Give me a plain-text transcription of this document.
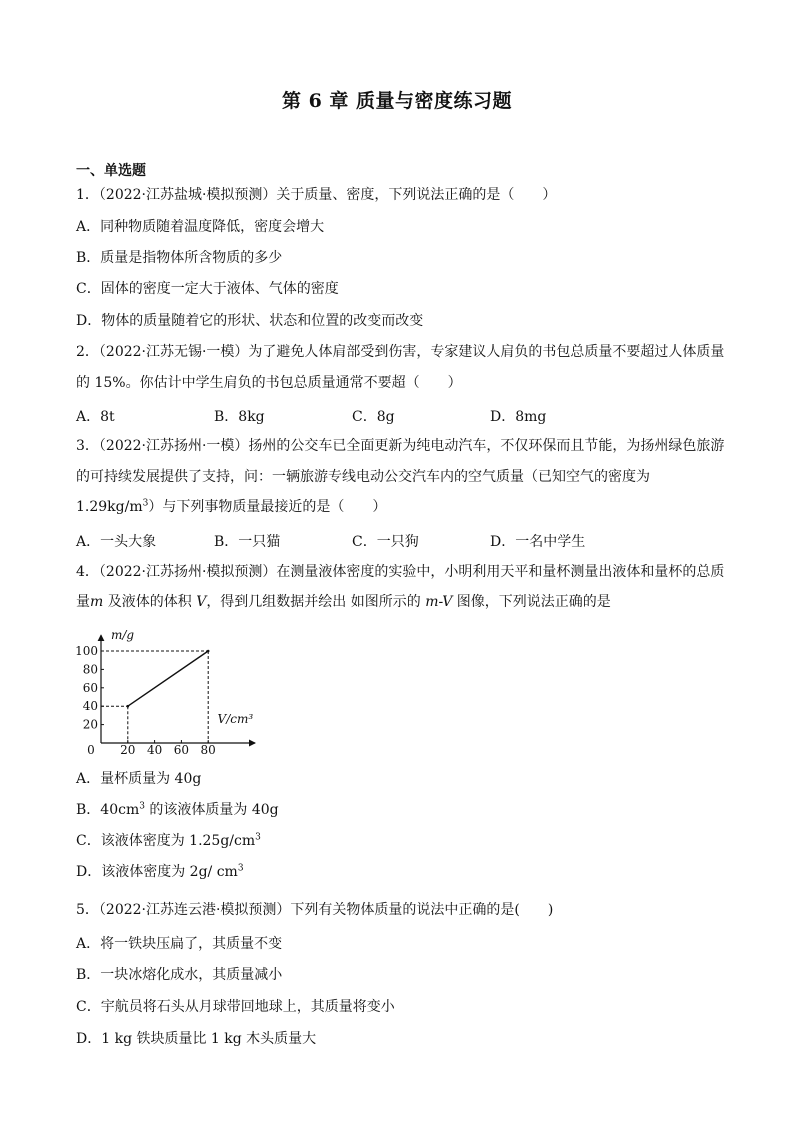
第 6 章 质量与密度练习题
一、单选题
1．（2022·江苏盐城·模拟预测）关于质量、密度，下列说法正确的是（　　）
A．同种物质随着温度降低，密度会增大
B．质量是指物体所含物质的多少
C．固体的密度一定大于液体、气体的密度
D．物体的质量随着它的形状、状态和位置的改变而改变
2．（2022·江苏无锡·一模）为了避免人体肩部受到伤害，专家建议人肩负的书包总质量不要超过人体质量
的 15%。你估计中学生肩负的书包总质量通常不要超（　　）
A．8t	B．8kg	C．8g	D．8mg
3．（2022·江苏扬州·一模）扬州的公交车已全面更新为纯电动汽车，不仅环保而且节能，为扬州绿色旅游
的可持续发展提供了支持，问：一辆旅游专线电动公交汽车内的空气质量（已知空气的密度为
$1.29kg/m^3$）与下列事物质量最接近的是（　　）
A．一头大象	B．一只猫	C．一只狗	D．一名中学生
4．（2022·江苏扬州·模拟预测）在测量液体密度的实验中，小明利用天平和量杯测量出液体和量杯的总质
量m 及液体的体积 V，得到几组数据并绘出 如图所示的 m-V 图像，下列说法正确的是
0 20 40 60 80
20
40
60
80
100
m/g
V/cm³
A．量杯质量为 40g
B．$40cm^3$ 的该液体质量为 40g
C．该液体密度为 $1.25g/cm^3$
D．该液体密度为 2g/ $cm^3$
5．（2022·江苏连云港·模拟预测）下列有关物体质量的说法中正确的是(　　)
A．将一铁块压扁了，其质量不变
B．一块冰熔化成水，其质量减小
C．宇航员将石头从月球带回地球上，其质量将变小
D．1 kg 铁块质量比 1 kg 木头质量大
